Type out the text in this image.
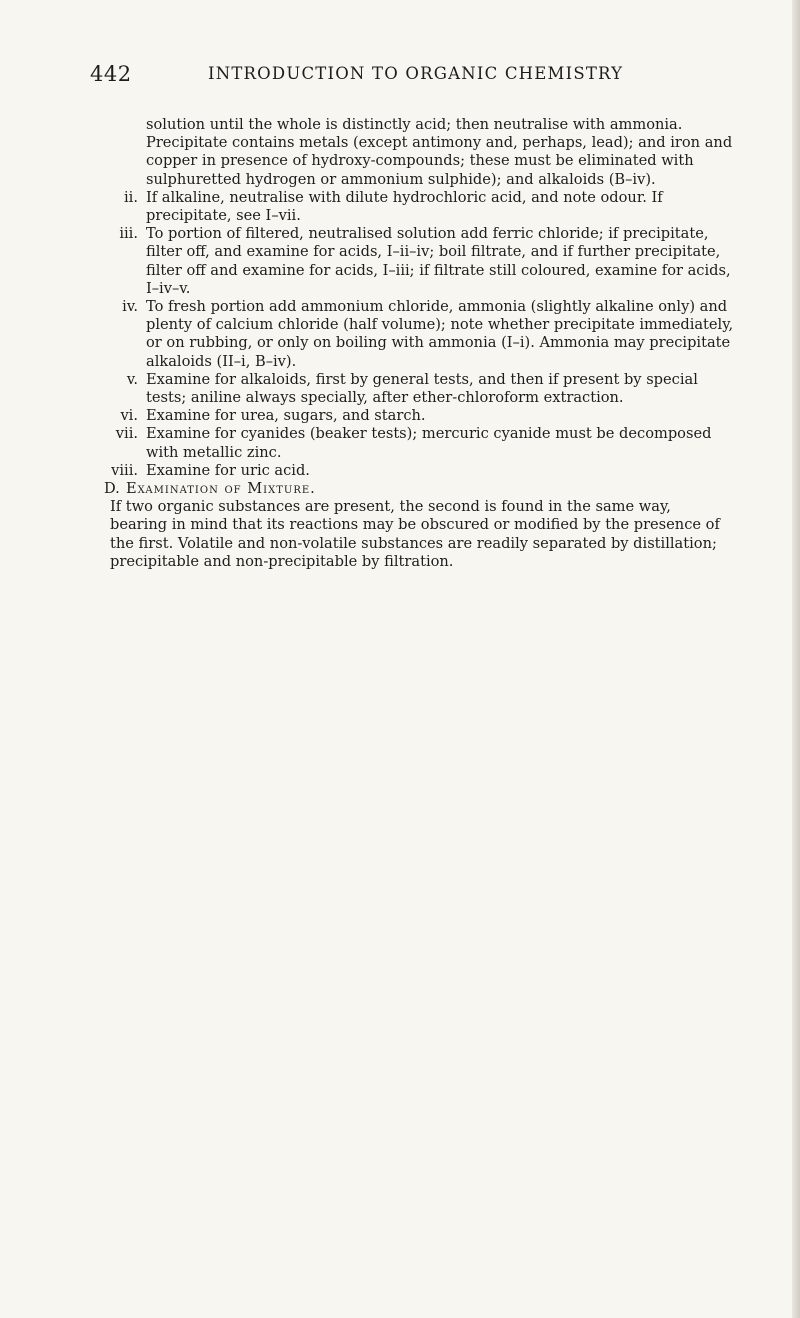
442	INTRODUCTION TO ORGANIC CHEMISTRY

solution until the whole is distinctly acid; then neutralise with ammonia. Precipitate contains metals (except antimony and, perhaps, lead); and iron and copper in presence of hydroxy-compounds; these must be eliminated with sulphuretted hydrogen or ammonium sulphide); and alkaloids (B–iv).

ii. If alkaline, neutralise with dilute hydrochloric acid, and note odour. If precipitate, see I–vii.

iii. To portion of filtered, neutralised solution add ferric chloride; if precipitate, filter off, and examine for acids, I–ii–iv; boil filtrate, and if further precipitate, filter off and examine for acids, I–iii; if filtrate still coloured, examine for acids, I–iv–v.

iv. To fresh portion add ammonium chloride, ammonia (slightly alkaline only) and plenty of calcium chloride (half volume); note whether precipitate immediately, or on rubbing, or only on boiling with ammonia (I–i). Ammonia may precipitate alkaloids (II–i, B–iv).

v. Examine for alkaloids, first by general tests, and then if present by special tests; aniline always specially, after ether-chloroform extraction.

vi. Examine for urea, sugars, and starch.

vii. Examine for cyanides (beaker tests); mercuric cyanide must be decomposed with metallic zinc.

viii. Examine for uric acid.

D. Examination of Mixture.

If two organic substances are present, the second is found in the same way, bearing in mind that its reactions may be obscured or modified by the presence of the first. Volatile and non-volatile substances are readily separated by distillation; precipitable and non-precipitable by filtration.
